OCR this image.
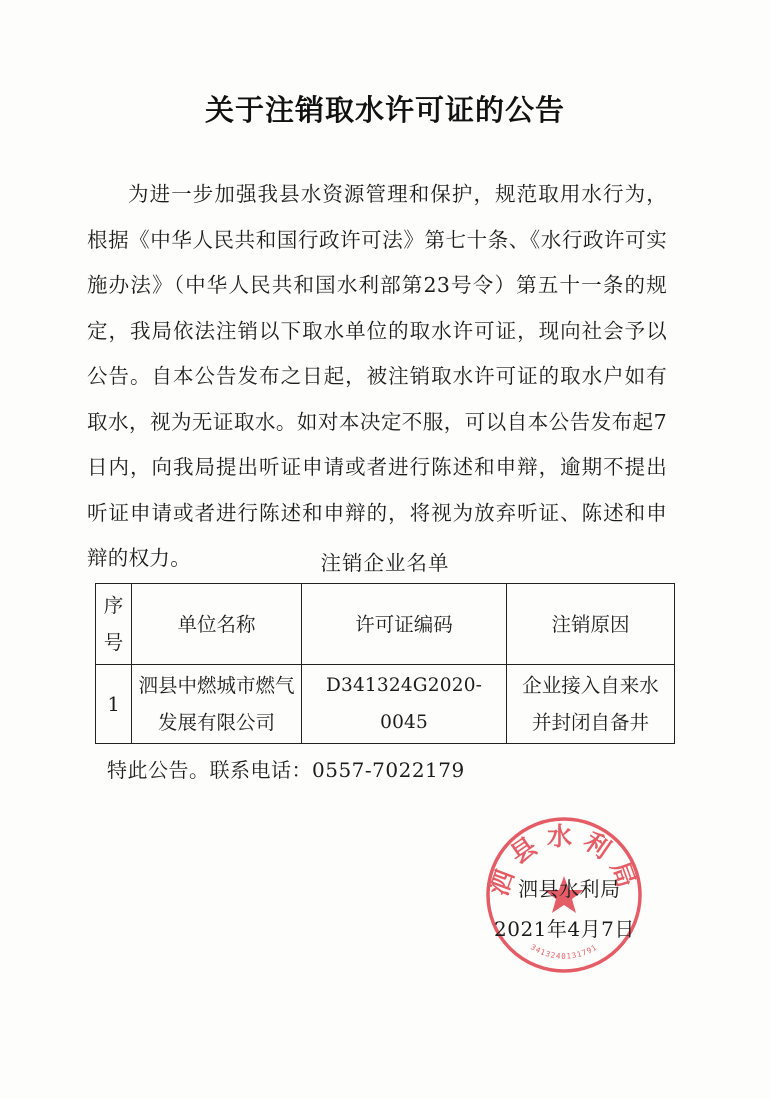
关于注销取水许可证的公告

为进一步加强我县水资源管理和保护，规范取用水行为，根据《中华人民共和国行政许可法》第七十条、《水行政许可实施办法》（中华人民共和国水利部第23号令）第五十一条的规定，我局依法注销以下取水单位的取水许可证，现向社会予以公告。自本公告发布之日起，被注销取水许可证的取水户如有取水，视为无证取水。如对本决定不服，可以自本公告发布起7日内，向我局提出听证申请或者进行陈述和申辩，逾期不提出听证申请或者进行陈述和申辩的，将视为放弃听证、陈述和申辩的权力。	注销企业名单
序号	单位名称	许可证编码	注销原因
1	泗县中燃城市燃气发展有限公司	D341324G2020-0045	企业接入自来水并封闭自备井
特此公告。联系电话：0557-7022179
泗县水利局
3413240131791
泗县水利局
2021年4月7日
